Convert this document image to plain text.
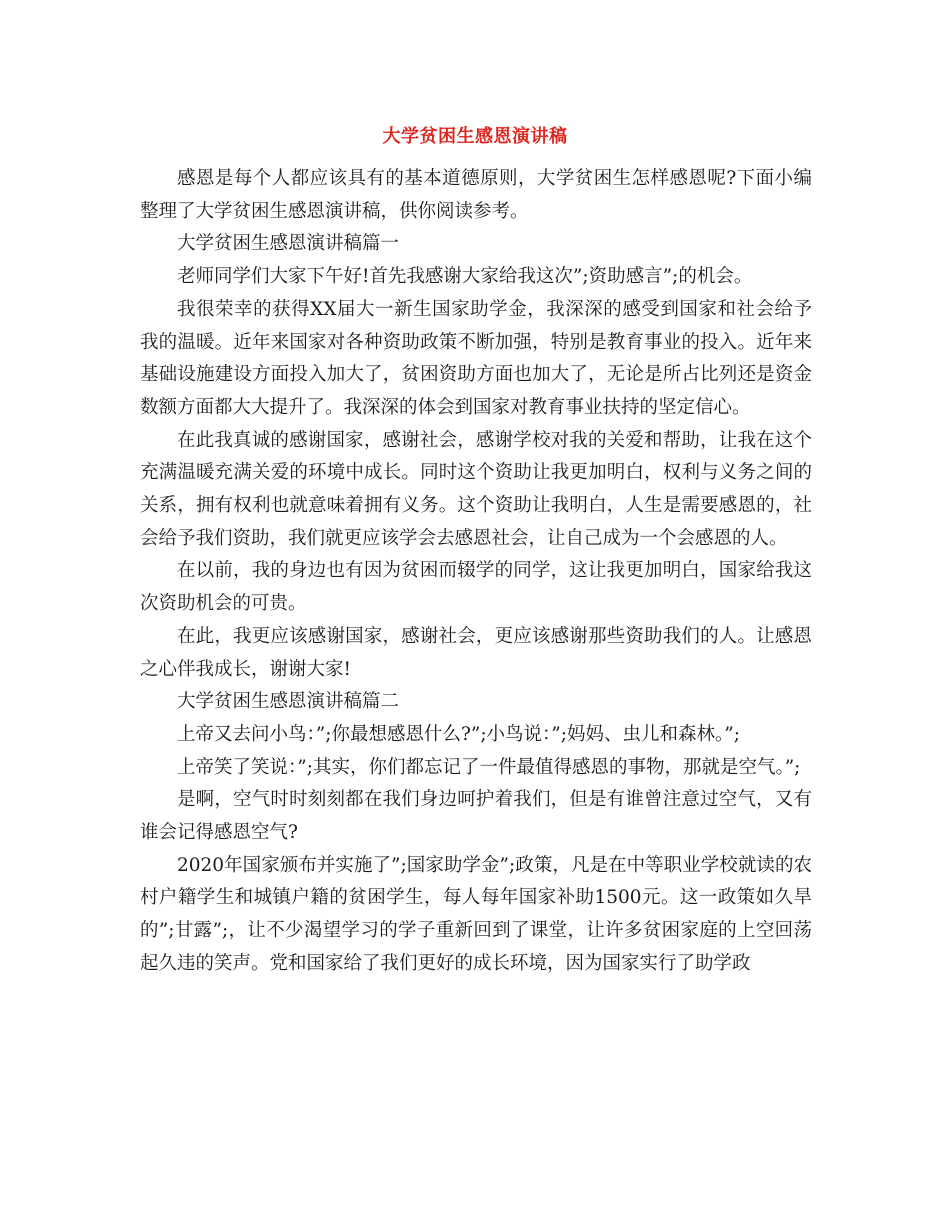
大学贫困生感恩演讲稿

感恩是每个人都应该具有的基本道德原则，大学贫困生怎样感恩呢?下面小编整理了大学贫困生感恩演讲稿，供你阅读参考。

大学贫困生感恩演讲稿篇一

老师同学们大家下午好!首先我感谢大家给我这次”;资助感言”;的机会。

我很荣幸的获得XX届大一新生国家助学金，我深深的感受到国家和社会给予我的温暖。近年来国家对各种资助政策不断加强，特别是教育事业的投入。近年来基础设施建设方面投入加大了，贫困资助方面也加大了，无论是所占比列还是资金数额方面都大大提升了。我深深的体会到国家对教育事业扶持的坚定信心。

在此我真诚的感谢国家，感谢社会，感谢学校对我的关爱和帮助，让我在这个充满温暖充满关爱的环境中成长。同时这个资助让我更加明白，权利与义务之间的关系，拥有权利也就意味着拥有义务。这个资助让我明白，人生是需要感恩的，社会给予我们资助，我们就更应该学会去感恩社会，让自己成为一个会感恩的人。

在以前，我的身边也有因为贫困而辍学的同学，这让我更加明白，国家给我这次资助机会的可贵。

在此，我更应该感谢国家，感谢社会，更应该感谢那些资助我们的人。让感恩之心伴我成长，谢谢大家!

大学贫困生感恩演讲稿篇二

上帝又去问小鸟：”;你最想感恩什么?”;小鸟说：”;妈妈、虫儿和森林。”;

上帝笑了笑说：”;其实，你们都忘记了一件最值得感恩的事物，那就是空气。”;

是啊，空气时时刻刻都在我们身边呵护着我们，但是有谁曾注意过空气，又有谁会记得感恩空气?

2020年国家颁布并实施了”;国家助学金”;政策，凡是在中等职业学校就读的农村户籍学生和城镇户籍的贫困学生，每人每年国家补助1500元。这一政策如久旱的”;甘露”;，让不少渴望学习的学子重新回到了课堂，让许多贫困家庭的上空回荡起久违的笑声。党和国家给了我们更好的成长环境，因为国家实行了助学政
